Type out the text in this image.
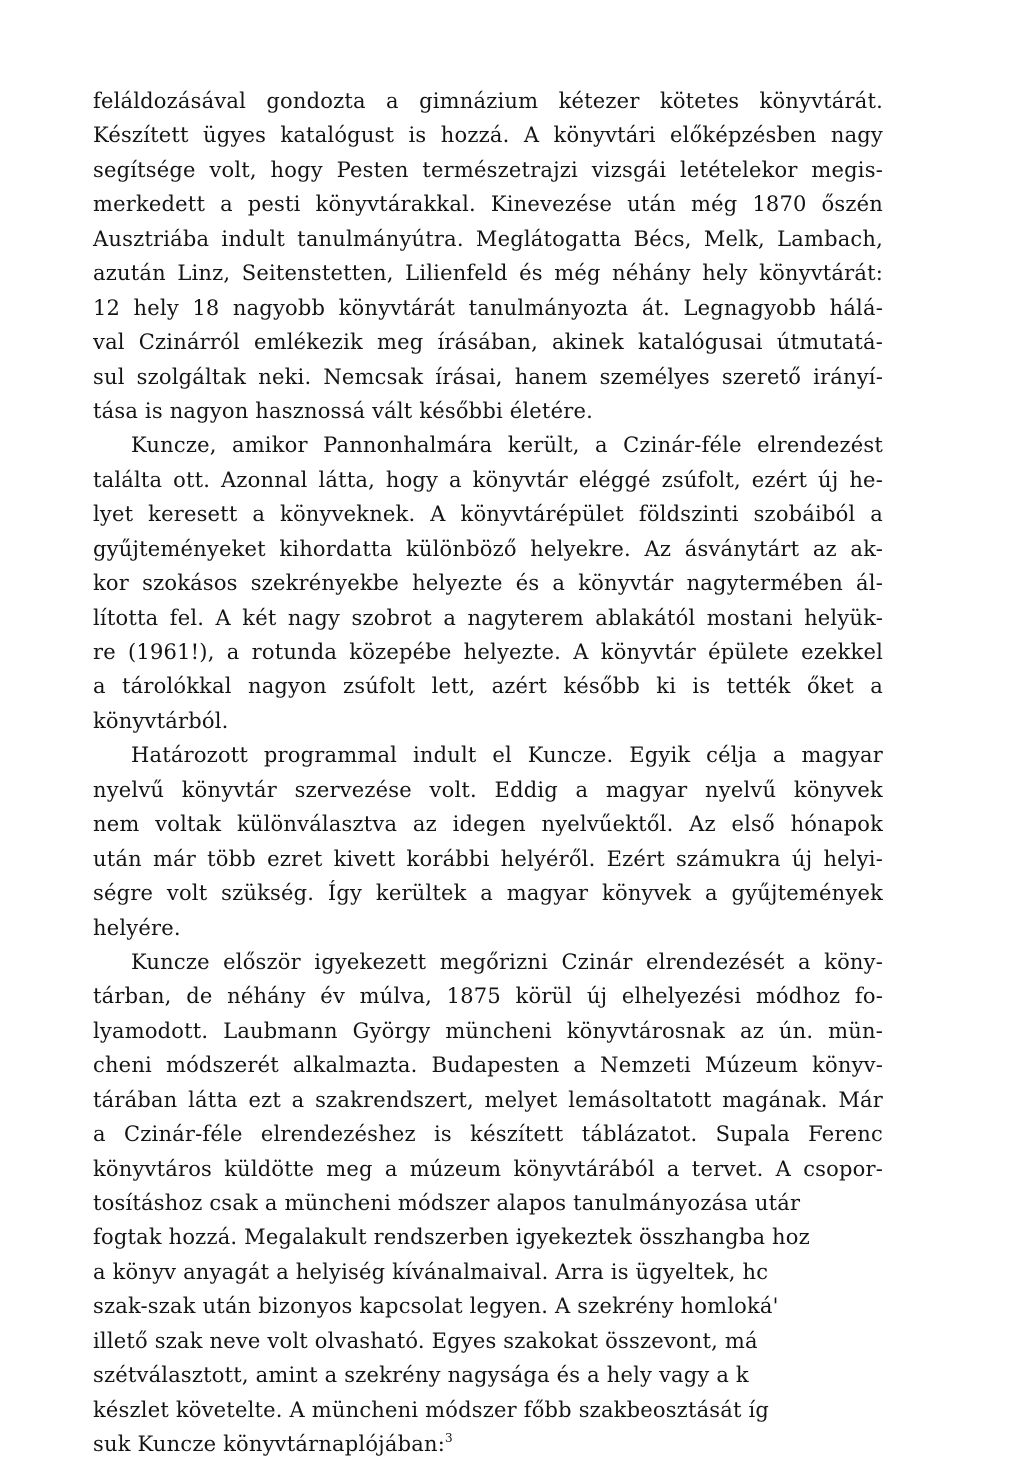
feláldozásával gondozta a gimnázium kétezer kötetes könyvtárát.
Készített ügyes katalógust is hozzá. A könyvtári előképzésben nagy
segítsége volt, hogy Pesten természetrajzi vizsgái letételekor megis-
merkedett a pesti könyvtárakkal. Kinevezése után még 1870 őszén
Ausztriába indult tanulmányútra. Meglátogatta Bécs, Melk, Lambach,
azután Linz, Seitenstetten, Lilienfeld és még néhány hely könyvtárát:
12 hely 18 nagyobb könyvtárát tanulmányozta át. Legnagyobb hálá-
val Czinárról emlékezik meg írásában, akinek katalógusai útmutatá-
sul szolgáltak neki. Nemcsak írásai, hanem személyes szerető irányí-
tása is nagyon hasznossá vált későbbi életére.
Kuncze, amikor Pannonhalmára került, a Czinár-féle elrendezést
találta ott. Azonnal látta, hogy a könyvtár eléggé zsúfolt, ezért új he-
lyet keresett a könyveknek. A könyvtárépület földszinti szobáiból a
gyűjteményeket kihordatta különböző helyekre. Az ásványtárt az ak-
kor szokásos szekrényekbe helyezte és a könyvtár nagytermében ál-
lította fel. A két nagy szobrot a nagyterem ablakától mostani helyük-
re (1961!), a rotunda közepébe helyezte. A könyvtár épülete ezekkel
a tárolókkal nagyon zsúfolt lett, azért később ki is tették őket a
könyvtárból.
Határozott programmal indult el Kuncze. Egyik célja a magyar
nyelvű könyvtár szervezése volt. Eddig a magyar nyelvű könyvek
nem voltak különválasztva az idegen nyelvűektől. Az első hónapok
után már több ezret kivett korábbi helyéről. Ezért számukra új helyi-
ségre volt szükség. Így kerültek a magyar könyvek a gyűjtemények
helyére.
Kuncze először igyekezett megőrizni Czinár elrendezését a köny-
tárban, de néhány év múlva, 1875 körül új elhelyezési módhoz fo-
lyamodott. Laubmann György müncheni könyvtárosnak az ún. mün-
cheni módszerét alkalmazta. Budapesten a Nemzeti Múzeum könyv-
tárában látta ezt a szakrendszert, melyet lemásoltatott magának. Már
a Czinár-féle elrendezéshez is készített táblázatot. Supala Ferenc
könyvtáros küldötte meg a múzeum könyvtárából a tervet. A csopor-
tosításhoz csak a müncheni módszer alapos tanulmányozása utár
fogtak hozzá. Megalakult rendszerben igyekeztek összhangba hoz
a könyv anyagát a helyiség kívánalmaival. Arra is ügyeltek, hc
szak-szak után bizonyos kapcsolat legyen. A szekrény homloká'
illető szak neve volt olvasható. Egyes szakokat összevont, má
szétválasztott, amint a szekrény nagysága és a hely vagy a k
készlet követelte. A müncheni módszer főbb szakbeosztását íg
suk Kuncze könyvtárnaplójában:$^3$
